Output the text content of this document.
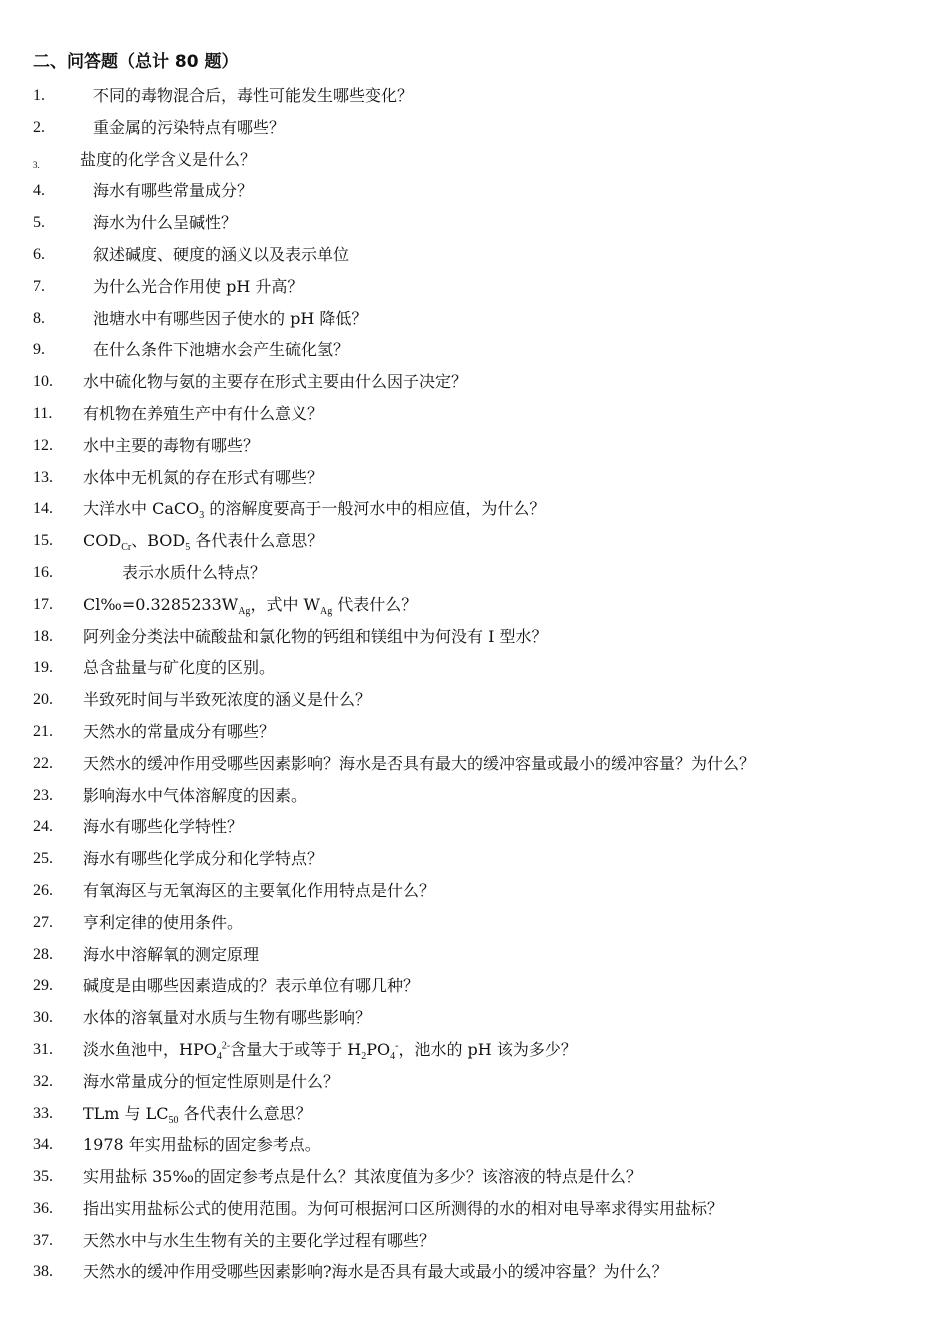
二、问答题（总计 80 题）
1.	不同的毒物混合后，毒性可能发生哪些变化？
2.	重金属的污染特点有哪些？
3.	盐度的化学含义是什么？
4.	海水有哪些常量成分？
5.	海水为什么呈碱性？
6.	叙述碱度、硬度的涵义以及表示单位
7.	为什么光合作用使 pH 升高？
8.	池塘水中有哪些因子使水的 pH 降低？
9.	在什么条件下池塘水会产生硫化氢？
10. 水中硫化物与氨的主要存在形式主要由什么因子决定？
11. 有机物在养殖生产中有什么意义？
12. 水中主要的毒物有哪些？
13. 水体中无机氮的存在形式有哪些？
14. 大洋水中 CaCO$_3$ 的溶解度要高于一般河水中的相应值，为什么？
15. $COD_{Cr}$、$BOD_5$ 各代表什么意思？
16.	表示水质什么特点？
17. $Cl‰=0.3285233W_{Ag}$，式中 $W_{Ag}$ 代表什么？
18. 阿列金分类法中硫酸盐和氯化物的钙组和镁组中为何没有 I 型水？
19. 总含盐量与矿化度的区别。
20. 半致死时间与半致死浓度的涵义是什么？
21. 天然水的常量成分有哪些？
22. 天然水的缓冲作用受哪些因素影响？海水是否具有最大的缓冲容量或最小的缓冲容量？为什么？
23. 影响海水中气体溶解度的因素。
24. 海水有哪些化学特性？
25. 海水有哪些化学成分和化学特点？
26. 有氧海区与无氧海区的主要氧化作用特点是什么？
27. 亨利定律的使用条件。
28. 海水中溶解氧的测定原理
29. 碱度是由哪些因素造成的？表示单位有哪几种？
30. 水体的溶氧量对水质与生物有哪些影响？
31. 淡水鱼池中，$HPO_4^{2-}$含量大于或等于 $H_2PO_4^-$，池水的 pH 该为多少？
32. 海水常量成分的恒定性原则是什么？
33. TLm 与 $LC_{50}$ 各代表什么意思？
34. 1978 年实用盐标的固定参考点。
35. 实用盐标 35‰的固定参考点是什么？其浓度值为多少？该溶液的特点是什么？
36. 指出实用盐标公式的使用范围。为何可根据河口区所测得的水的相对电导率求得实用盐标？
37. 天然水中与水生生物有关的主要化学过程有哪些？
38. 天然水的缓冲作用受哪些因素影响?海水是否具有最大或最小的缓冲容量？为什么？
